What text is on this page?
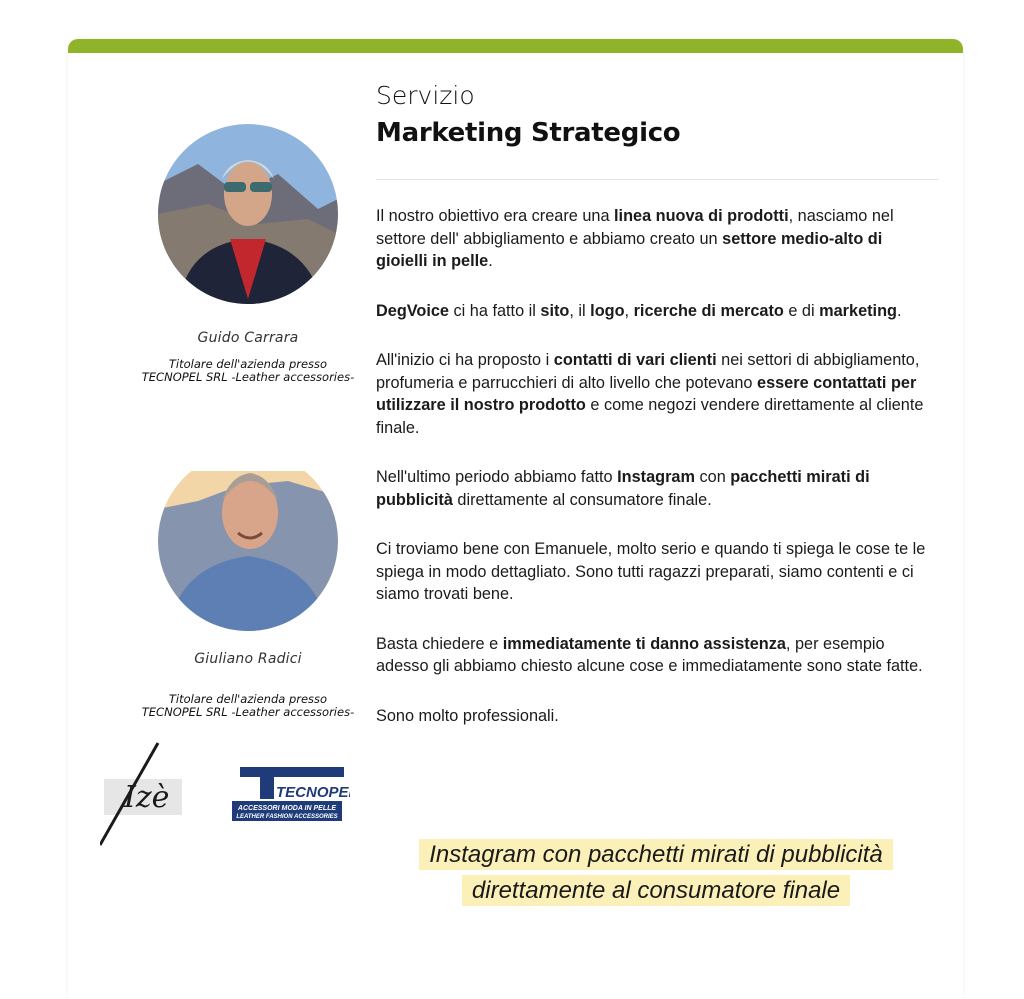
Guido Carrara
Titolare dell'azienda presso
TECNOPEL SRL -Leather accessories-
Giuliano Radici
Titolare dell'azienda presso
TECNOPEL SRL -Leather accessories-
Izè	TECNOPEL
ACCESSORI MODA IN PELLE
LEATHER FASHION ACCESSORIES
Servizio
Marketing Strategico

Il nostro obiettivo era creare una linea nuova di prodotti, nasciamo nel settore dell' abbigliamento e abbiamo creato un settore medio-alto di gioielli in pelle.

DegVoice ci ha fatto il sito, il logo, ricerche di mercato e di marketing.

All'inizio ci ha proposto i contatti di vari clienti nei settori di abbigliamento, profumeria e parrucchieri di alto livello che potevano essere contattati per utilizzare il nostro prodotto e come negozi vendere direttamente al cliente finale.

Nell'ultimo periodo abbiamo fatto Instagram con pacchetti mirati di pubblicità direttamente al consumatore finale.

Ci troviamo bene con Emanuele, molto serio e quando ti spiega le cose te le spiega in modo dettagliato. Sono tutti ragazzi preparati, siamo contenti e ci siamo trovati bene.

Basta chiedere e immediatamente ti danno assistenza, per esempio adesso gli abbiamo chiesto alcune cose e immediatamente sono state fatte.

Sono molto professionali.

Instagram con pacchetti mirati di pubblicità
direttamente al consumatore finale
